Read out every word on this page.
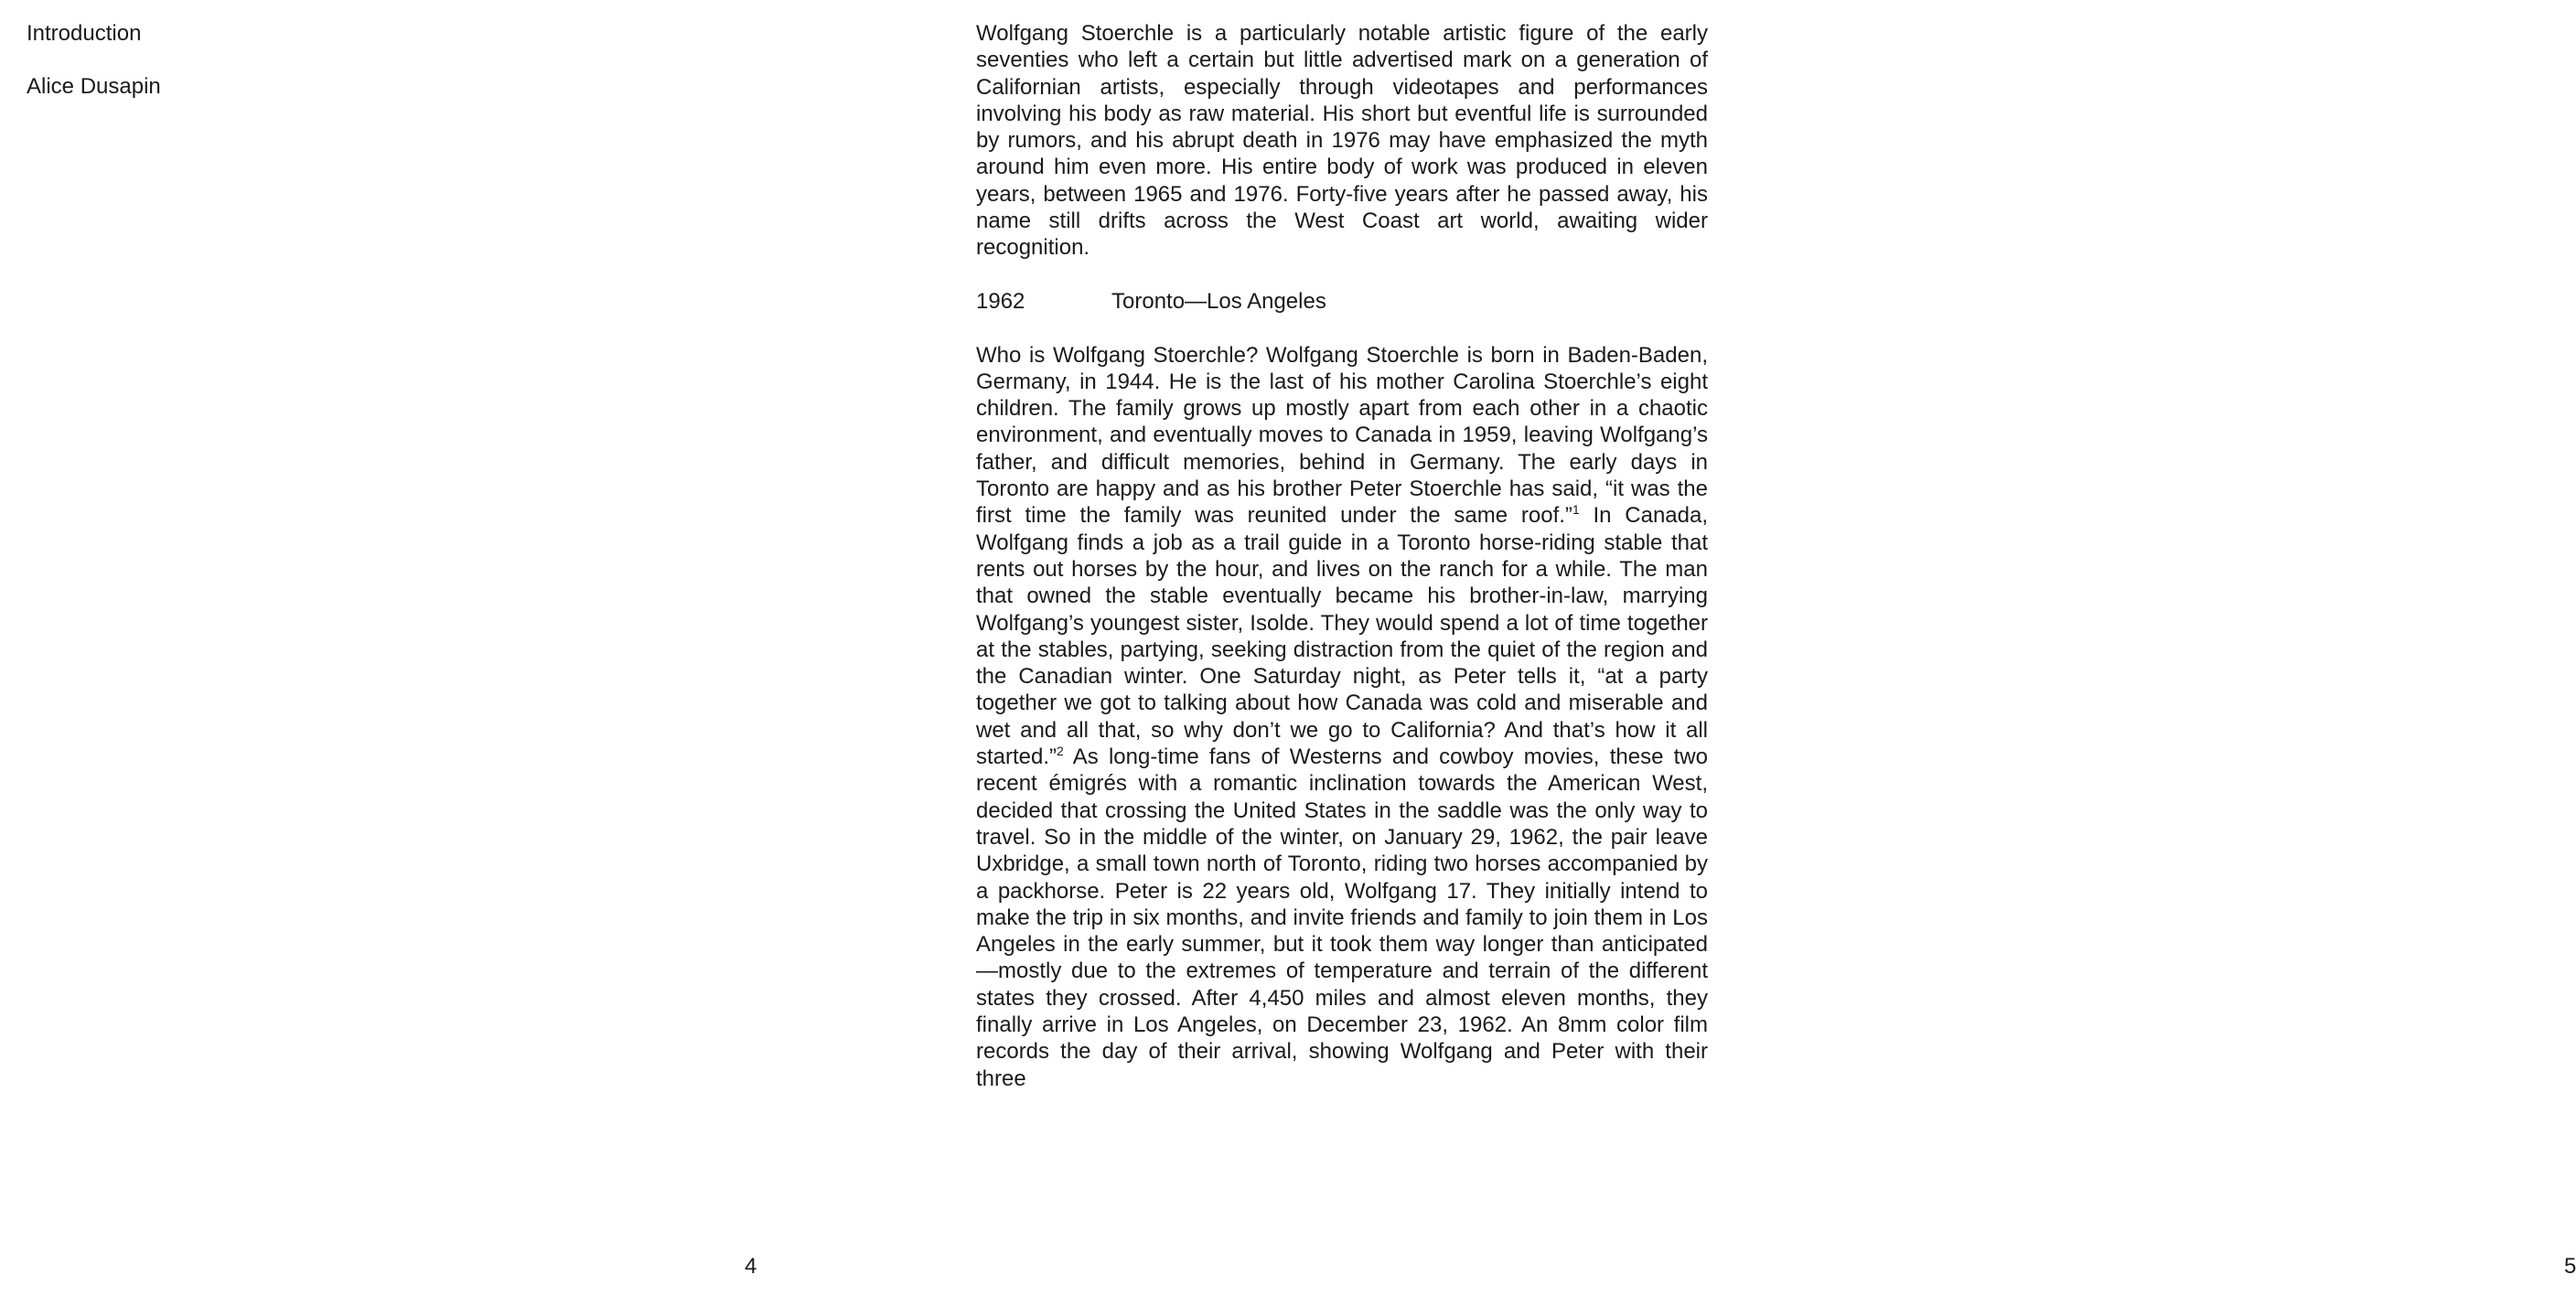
Introduction
Alice Dusapin
4

Wolfgang Stoerchle is a particularly notable artistic figure of the early seventies who left a certain but little advertised mark on a generation of Californian artists, especially through videotapes and performances involving his body as raw material. His short but eventful life is surrounded by rumors, and his abrupt death in 1976 may have emphasized the myth around him even more. His entire body of work was produced in eleven years, between 1965 and 1976. Forty-five years after he passed away, his name still drifts across the West Coast art world, awaiting wider recognition.

1962	Toronto—Los Angeles

Who is Wolfgang Stoerchle? Wolfgang Stoerchle is born in Baden-Baden, Germany, in 1944. He is the last of his mother Carolina Stoerchle’s eight children. The family grows up mostly apart from each other in a chaotic environment, and eventually moves to Canada in 1959, leaving Wolfgang’s father, and difficult memories, behind in Germany. The early days in Toronto are happy and as his brother Peter Stoerchle has said, “it was the first time the family was reunited under the same roof.”$^1$ In Canada, Wolfgang finds a job as a trail guide in a Toronto horse-riding stable that rents out horses by the hour, and lives on the ranch for a while. The man that owned the stable eventually became his brother-in-law, marrying Wolfgang’s youngest sister, Isolde. They would spend a lot of time together at the stables, partying, seeking distraction from the quiet of the region and the Canadian winter. One Saturday night, as Peter tells it, “at a party together we got to talking about how Canada was cold and miserable and wet and all that, so why don’t we go to California? And that’s how it all started.”$^2$ As long-time fans of Westerns and cowboy movies, these two recent émigrés with a romantic inclination towards the American West, decided that crossing the United States in the saddle was the only way to travel. So in the middle of the winter, on January 29, 1962, the pair leave Uxbridge, a small town north of Toronto, riding two horses accompanied by a packhorse. Peter is 22 years old, Wolfgang 17. They initially intend to make the trip in six months, and invite friends and family to join them in Los Angeles in the early summer, but it took them way longer than anticipated—mostly due to the extremes of temperature and terrain of the different states they crossed. After 4,450 miles and almost eleven months, they finally arrive in Los Angeles, on December 23, 1962. An 8mm color film records the day of their arrival, showing Wolfgang and Peter with their three

5
